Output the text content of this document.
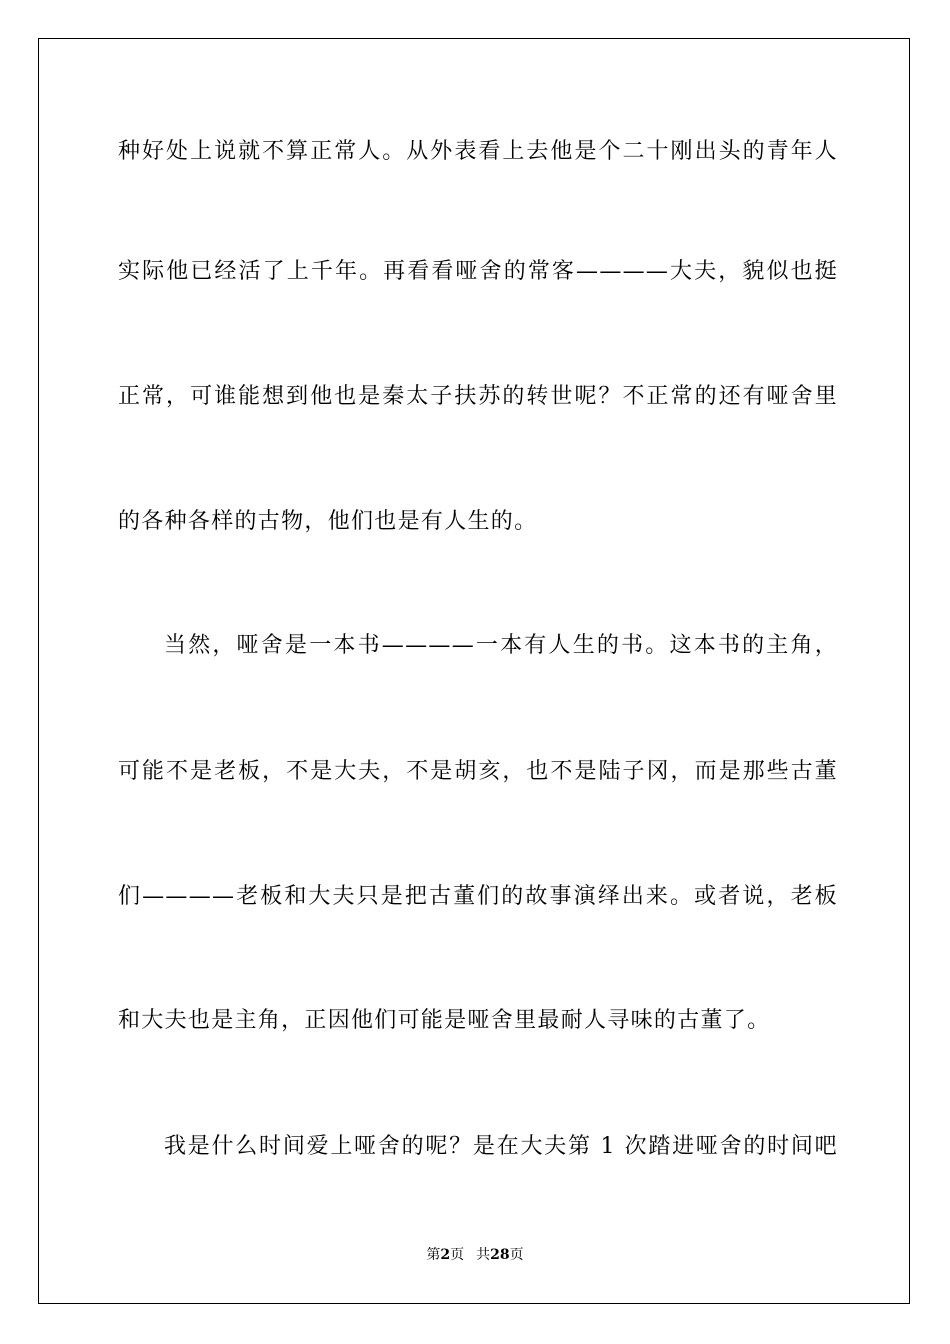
种好处上说就不算正常人。从外表看上去他是个二十刚出头的青年人
实际他已经活了上千年。再看看哑舍的常客————大夫，貌似也挺
正常，可谁能想到他也是秦太子扶苏的转世呢？不正常的还有哑舍里
的各种各样的古物，他们也是有人生的。
当然，哑舍是一本书————一本有人生的书。这本书的主角，
可能不是老板，不是大夫，不是胡亥，也不是陆子冈，而是那些古董
们————老板和大夫只是把古董们的故事演绎出来。或者说，老板
和大夫也是主角，正因他们可能是哑舍里最耐人寻味的古董了。
我是什么时间爱上哑舍的呢？是在大夫第 1 次踏进哑舍的时间吧
第2页 共28页
